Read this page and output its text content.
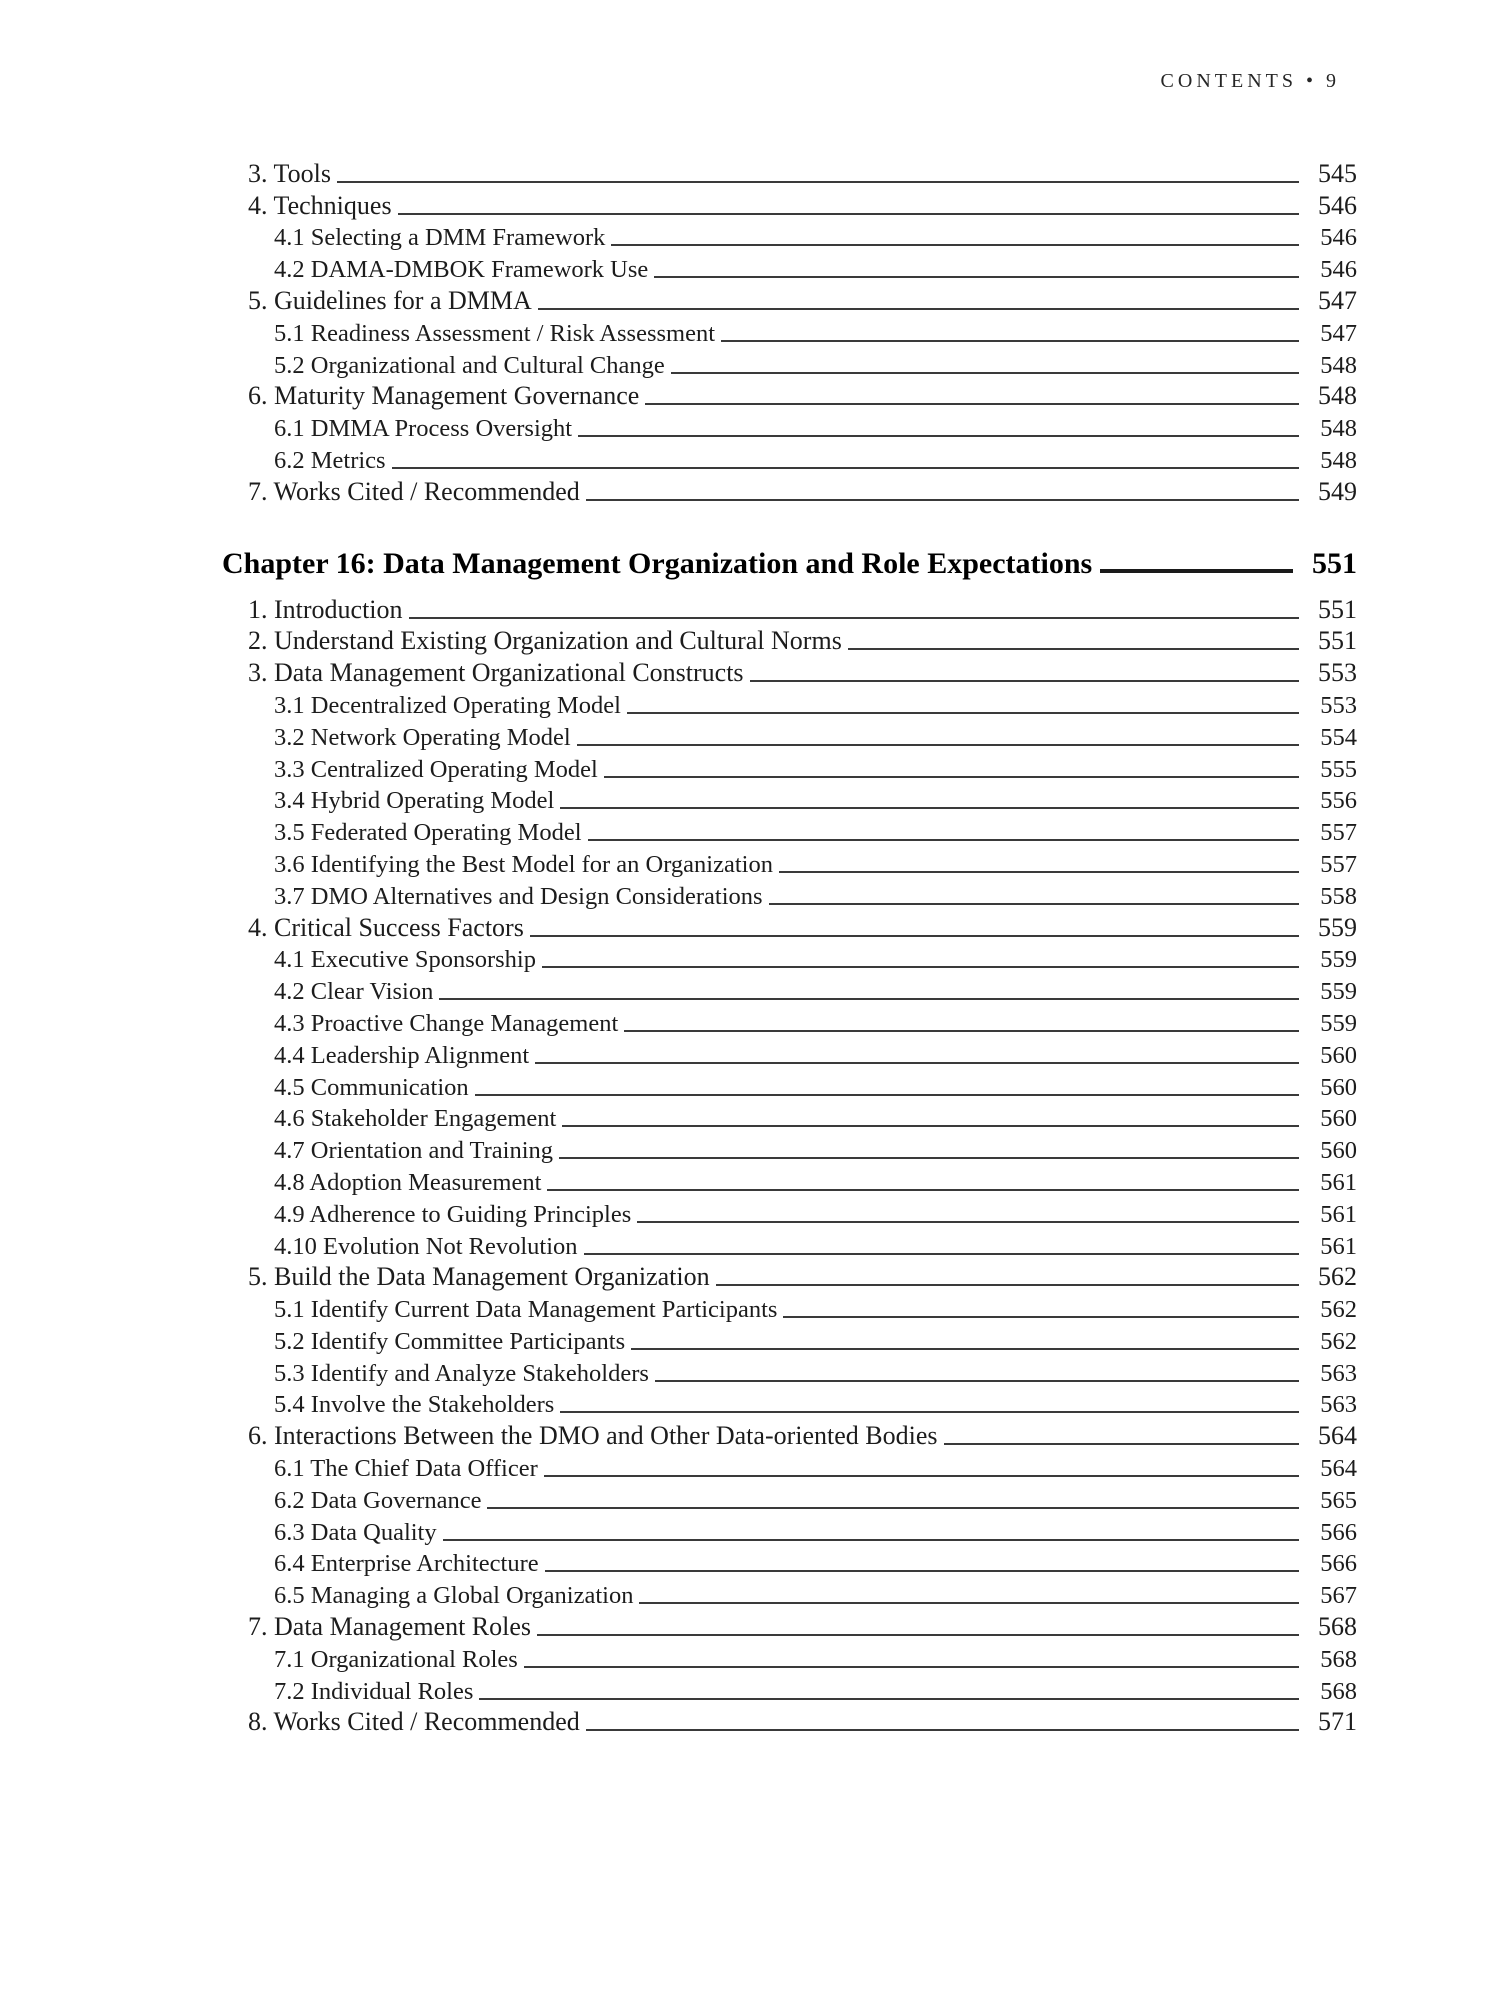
CONTENTS • 9
3. Tools	545
4. Techniques	546
4.1 Selecting a DMM Framework	546
4.2 DAMA-DMBOK Framework Use	546
5. Guidelines for a DMMA	547
5.1 Readiness Assessment / Risk Assessment	547
5.2 Organizational and Cultural Change	548
6. Maturity Management Governance	548
6.1 DMMA Process Oversight	548
6.2 Metrics	548
7. Works Cited / Recommended	549
Chapter 16: Data Management Organization and Role Expectations	551
1. Introduction	551
2. Understand Existing Organization and Cultural Norms	551
3. Data Management Organizational Constructs	553
3.1 Decentralized Operating Model	553
3.2 Network Operating Model	554
3.3 Centralized Operating Model	555
3.4 Hybrid Operating Model	556
3.5 Federated Operating Model	557
3.6 Identifying the Best Model for an Organization	557
3.7 DMO Alternatives and Design Considerations	558
4. Critical Success Factors	559
4.1 Executive Sponsorship	559
4.2 Clear Vision	559
4.3 Proactive Change Management	559
4.4 Leadership Alignment	560
4.5 Communication	560
4.6 Stakeholder Engagement	560
4.7 Orientation and Training	560
4.8 Adoption Measurement	561
4.9 Adherence to Guiding Principles	561
4.10 Evolution Not Revolution	561
5. Build the Data Management Organization	562
5.1 Identify Current Data Management Participants	562
5.2 Identify Committee Participants	562
5.3 Identify and Analyze Stakeholders	563
5.4 Involve the Stakeholders	563
6. Interactions Between the DMO and Other Data-oriented Bodies	564
6.1 The Chief Data Officer	564
6.2 Data Governance	565
6.3 Data Quality	566
6.4 Enterprise Architecture	566
6.5 Managing a Global Organization	567
7. Data Management Roles	568
7.1 Organizational Roles	568
7.2 Individual Roles	568
8. Works Cited / Recommended	571
